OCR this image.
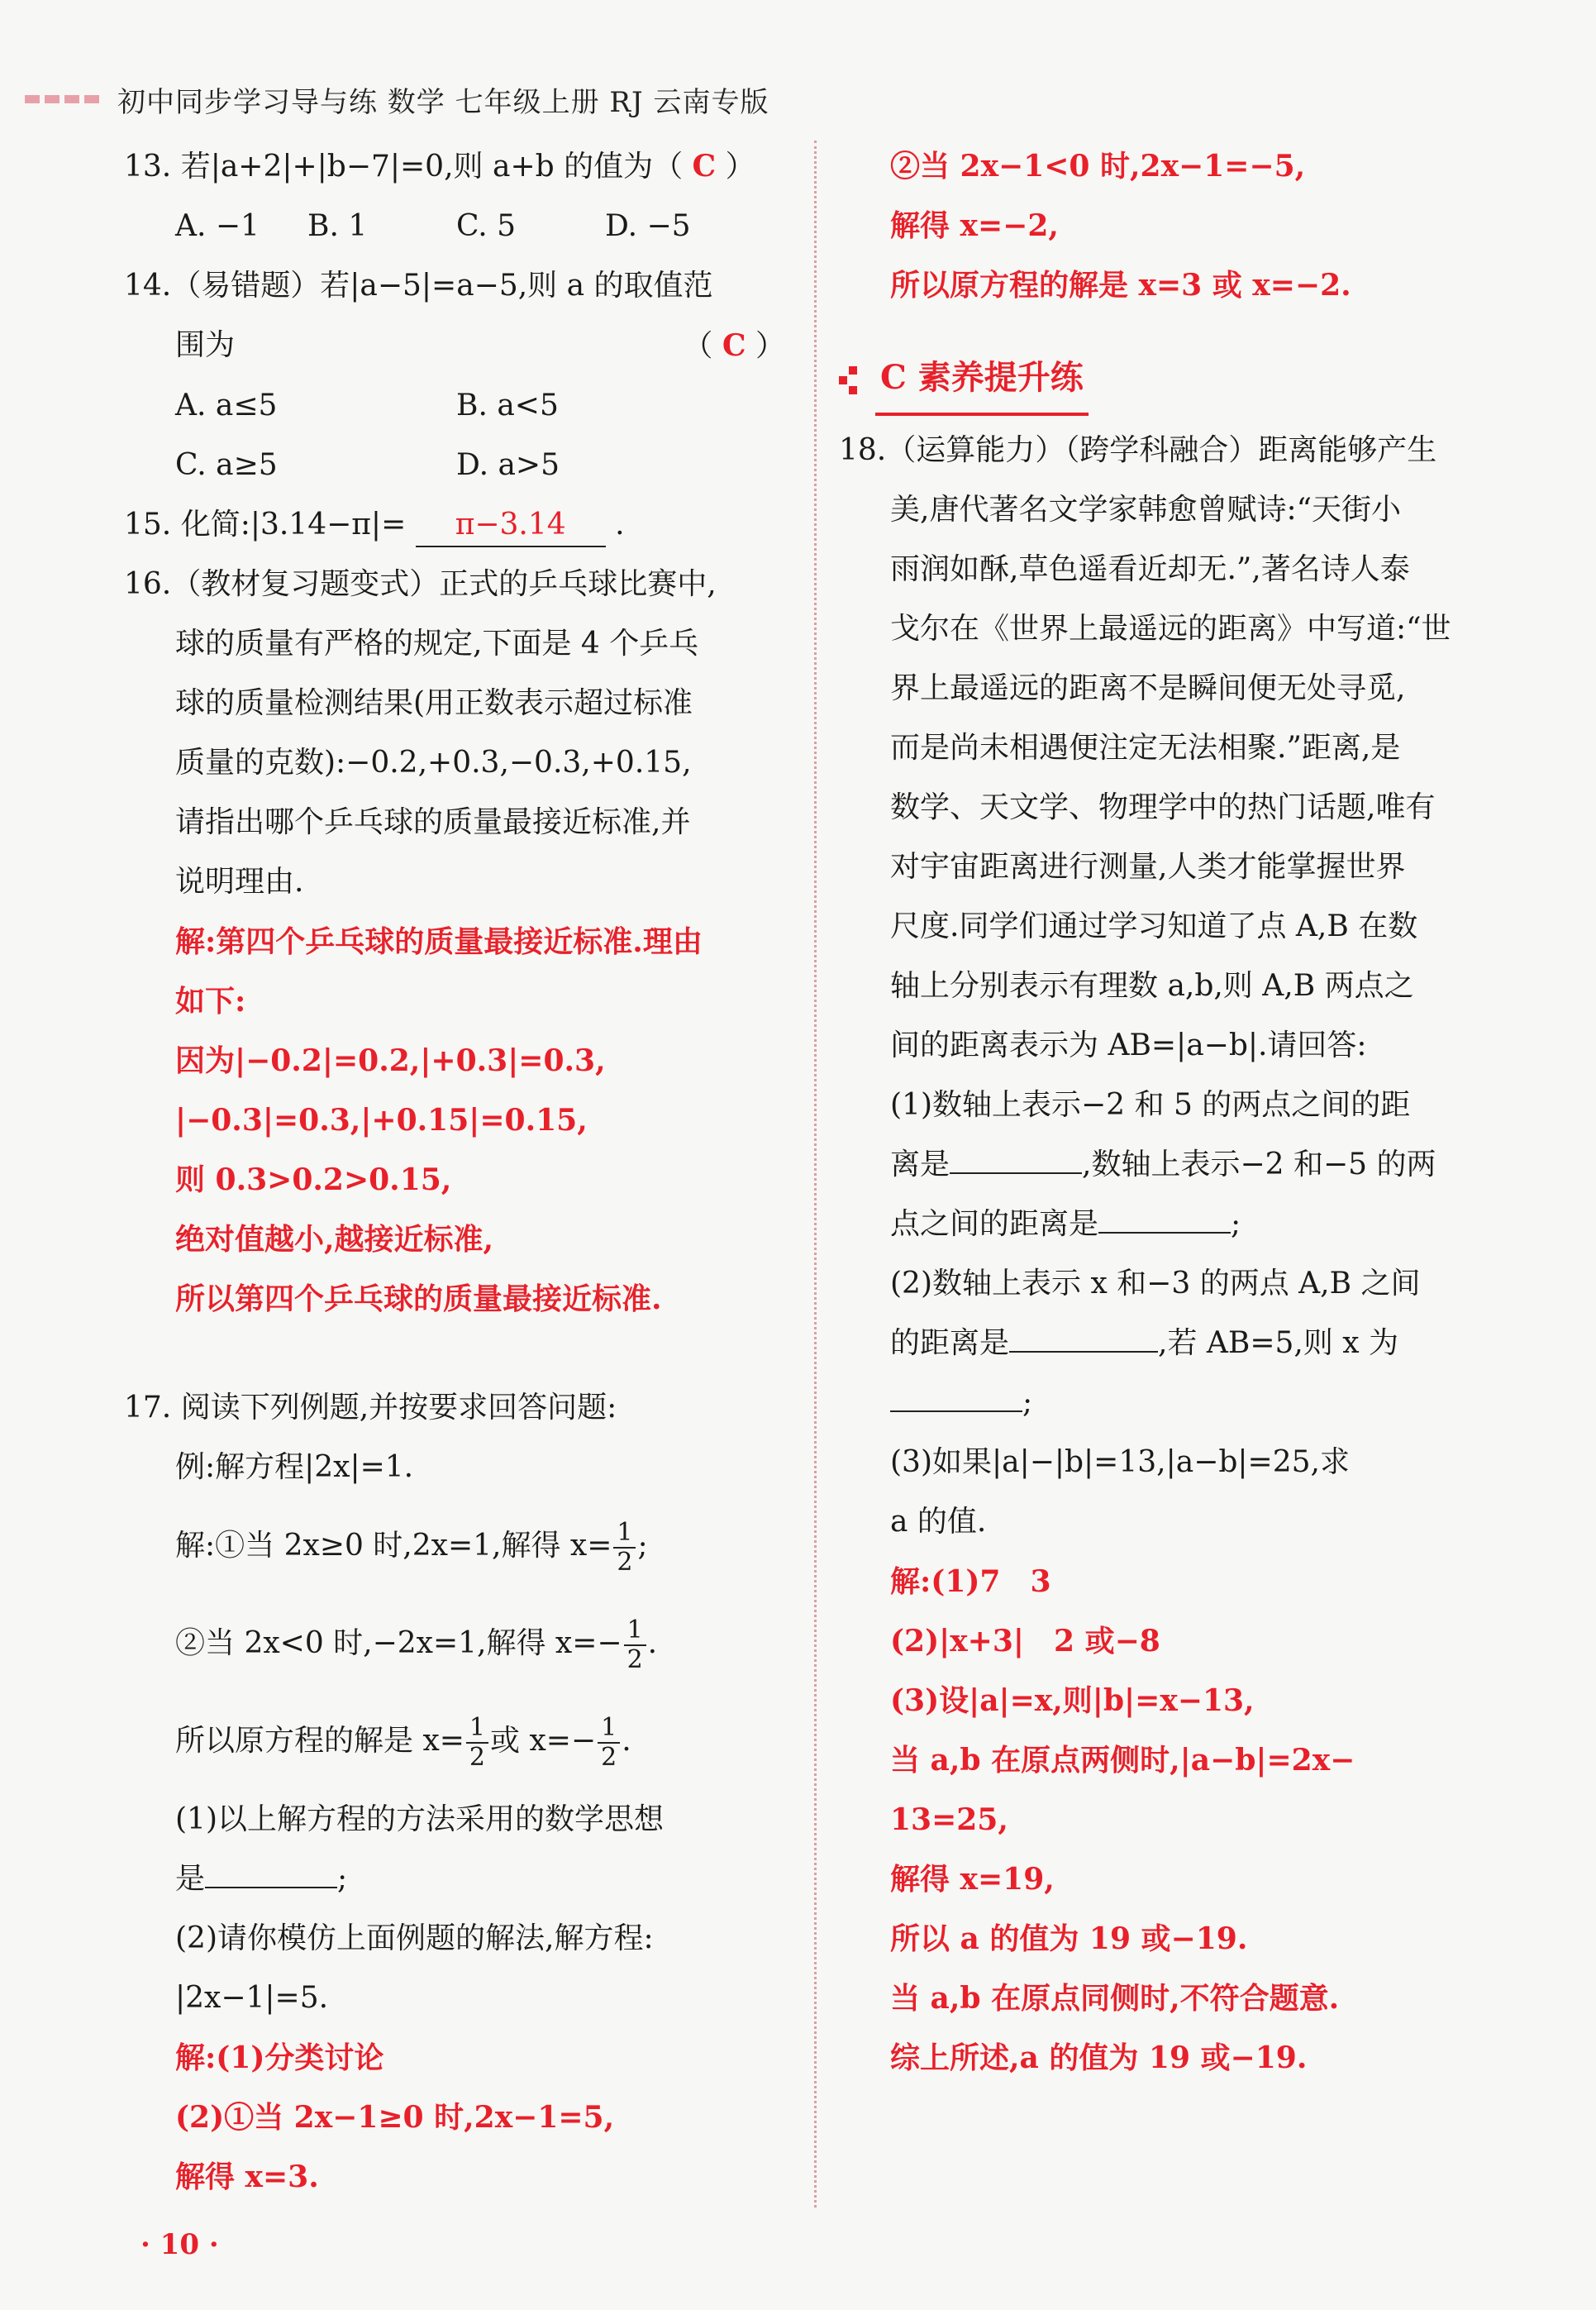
初中同步学习导与练 数学 七年级上册 RJ 云南专版
13. 若|a+2|+|b−7|=0,则 a+b 的值为（ C ）
A. −1	B. 1	C. 5	D. −5
14.（易错题）若|a−5|=a−5,则 a 的取值范
围为	（ C ）
A. a≤5	B. a<5
C. a≥5	D. a>5
15. 化简:|3.14−π|= π−3.14 .
16.（教材复习题变式）正式的乒乓球比赛中,
球的质量有严格的规定,下面是 4 个乒乓
球的质量检测结果(用正数表示超过标准
质量的克数):−0.2,+0.3,−0.3,+0.15,
请指出哪个乒乓球的质量最接近标准,并
说明理由.
解:第四个乒乓球的质量最接近标准.理由
如下:
因为|−0.2|=0.2,|+0.3|=0.3,
|−0.3|=0.3,|+0.15|=0.15,
则 0.3>0.2>0.15,
绝对值越小,越接近标准,
所以第四个乒乓球的质量最接近标准.
17. 阅读下列例题,并按要求回答问题:
例:解方程|2x|=1.
解:①当 2x≥0 时,2x=1,解得 $x= \frac{1}{2}$ ;
②当 2x<0 时,−2x=1,解得 $x=- \frac{1}{2}$ .
所以原方程的解是 $x= \frac{1}{2}$ 或 $x=- \frac{1}{2}$ .
(1)以上解方程的方法采用的数学思想
是	;
(2)请你模仿上面例题的解法,解方程:
|2x−1|=5.
解:(1)分类讨论
(2)①当 2x−1≥0 时,2x−1=5,
解得 x=3.
②当 2x−1<0 时,2x−1=−5,
解得 x=−2,
所以原方程的解是 x=3 或 x=−2.
C 素养提升练
18.（运算能力）（跨学科融合）距离能够产生
美,唐代著名文学家韩愈曾赋诗:“天街小
雨润如酥,草色遥看近却无.”,著名诗人泰
戈尔在《世界上最遥远的距离》中写道:“世
界上最遥远的距离不是瞬间便无处寻觅,
而是尚未相遇便注定无法相聚.”距离,是
数学、天文学、物理学中的热门话题,唯有
对宇宙距离进行测量,人类才能掌握世界
尺度.同学们通过学习知道了点 A,B 在数
轴上分别表示有理数 a,b,则 A,B 两点之
间的距离表示为 AB=|a−b|.请回答:
(1)数轴上表示−2 和 5 的两点之间的距
离是	,数轴上表示−2 和−5 的两
点之间的距离是	;
(2)数轴上表示 x 和−3 的两点 A,B 之间
的距离是	,若 AB=5,则 x 为
;
(3)如果|a|−|b|=13,|a−b|=25,求
a 的值.
解:(1)7　3
(2)|x+3|　2 或−8
(3)设|a|=x,则|b|=x−13,
当 a,b 在原点两侧时,|a−b|=2x−
13=25,
解得 x=19,
所以 a 的值为 19 或−19.
当 a,b 在原点同侧时,不符合题意.
综上所述,a 的值为 19 或−19.
· 10 ·
